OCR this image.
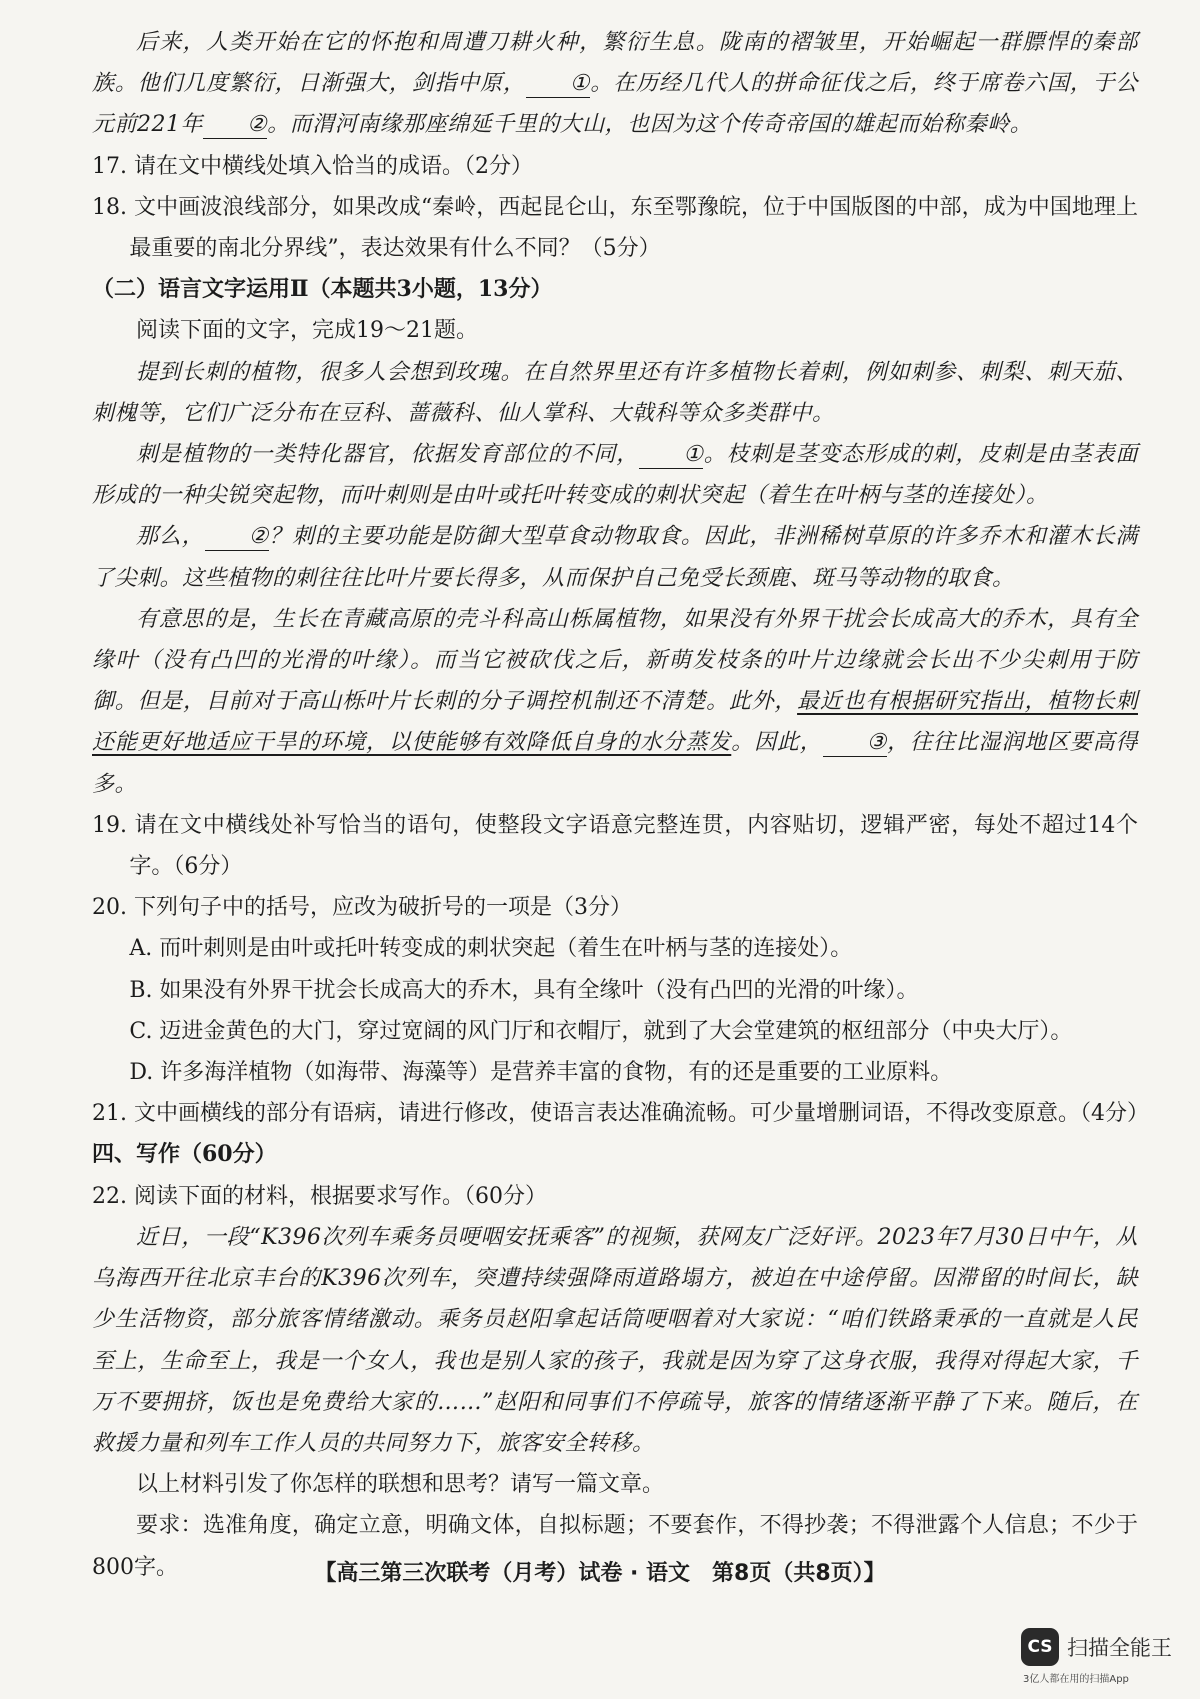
后来，人类开始在它的怀抱和周遭刀耕火种，繁衍生息。陇南的褶皱里，开始崛起一群膘悍的秦部族。他们几度繁衍，日渐强大，剑指中原， ①。在历经几代人的拼命征伐之后，终于席卷六国，于公元前221年 ②。而渭河南缘那座绵延千里的大山，也因为这个传奇帝国的雄起而始称秦岭。

17. 请在文中横线处填入恰当的成语。（2分）

18. 文中画波浪线部分，如果改成“秦岭，西起昆仑山，东至鄂豫皖，位于中国版图的中部，成为中国地理上最重要的南北分界线”，表达效果有什么不同？（5分）

（二）语言文字运用Ⅱ（本题共3小题，13分）

阅读下面的文字，完成19～21题。

提到长刺的植物，很多人会想到玫瑰。在自然界里还有许多植物长着刺，例如刺参、刺梨、刺天茄、刺槐等，它们广泛分布在豆科、蔷薇科、仙人掌科、大戟科等众多类群中。

刺是植物的一类特化器官，依据发育部位的不同， ①。枝刺是茎变态形成的刺，皮刺是由茎表面形成的一种尖锐突起物，而叶刺则是由叶或托叶转变成的刺状突起（着生在叶柄与茎的连接处）。

那么， ②？刺的主要功能是防御大型草食动物取食。因此，非洲稀树草原的许多乔木和灌木长满了尖刺。这些植物的刺往往比叶片要长得多，从而保护自己免受长颈鹿、斑马等动物的取食。

有意思的是，生长在青藏高原的壳斗科高山栎属植物，如果没有外界干扰会长成高大的乔木，具有全缘叶（没有凸凹的光滑的叶缘）。而当它被砍伐之后，新萌发枝条的叶片边缘就会长出不少尖刺用于防御。但是，目前对于高山栎叶片长刺的分子调控机制还不清楚。此外，最近也有根据研究指出，植物长刺还能更好地适应干旱的环境，以使能够有效降低自身的水分蒸发。因此， ③，往往比湿润地区要高得多。

19. 请在文中横线处补写恰当的语句，使整段文字语意完整连贯，内容贴切，逻辑严密，每处不超过14个字。（6分）

20. 下列句子中的括号，应改为破折号的一项是（3分）

A. 而叶刺则是由叶或托叶转变成的刺状突起（着生在叶柄与茎的连接处）。

B. 如果没有外界干扰会长成高大的乔木，具有全缘叶（没有凸凹的光滑的叶缘）。

C. 迈进金黄色的大门，穿过宽阔的风门厅和衣帽厅，就到了大会堂建筑的枢纽部分（中央大厅）。

D. 许多海洋植物（如海带、海藻等）是营养丰富的食物，有的还是重要的工业原料。

21. 文中画横线的部分有语病，请进行修改，使语言表达准确流畅。可少量增删词语，不得改变原意。（4分）

四、写作（60分）

22. 阅读下面的材料，根据要求写作。（60分）

近日，一段“K396次列车乘务员哽咽安抚乘客”的视频，获网友广泛好评。2023年7月30日中午，从乌海西开往北京丰台的K396次列车，突遭持续强降雨道路塌方，被迫在中途停留。因滞留的时间长，缺少生活物资，部分旅客情绪激动。乘务员赵阳拿起话筒哽咽着对大家说：“咱们铁路秉承的一直就是人民至上，生命至上，我是一个女人，我也是别人家的孩子，我就是因为穿了这身衣服，我得对得起大家，千万不要拥挤，饭也是免费给大家的……”赵阳和同事们不停疏导，旅客的情绪逐渐平静了下来。随后，在救援力量和列车工作人员的共同努力下，旅客安全转移。

以上材料引发了你怎样的联想和思考？请写一篇文章。

要求：选准角度，确定立意，明确文体，自拟标题；不要套作，不得抄袭；不得泄露个人信息；不少于800字。	【高三第三次联考（月考）试卷 · 语文　第8页（共8页）】
CS 扫描全能王
3亿人都在用的扫描App
